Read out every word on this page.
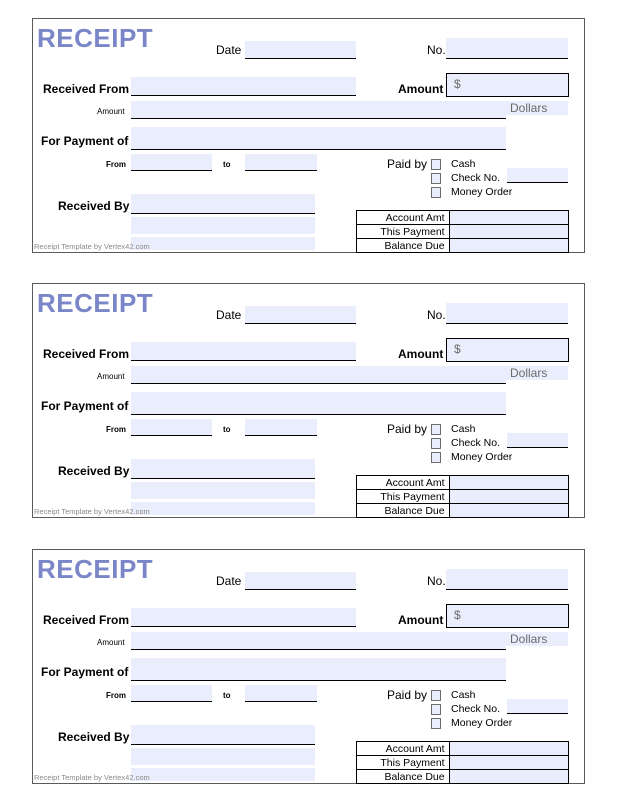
RECEIPT	Date	No.
Received From	Amount $
Amount	Dollars
For Payment of
From	to	Paid by Cash
Check No.
Money Order
Received By
Account Amt	
This Payment	
Balance Due	
Receipt Template by Vertex42.com
RECEIPT	Date	No.
Received From	Amount $
Amount	Dollars
For Payment of
From	to	Paid by Cash
Check No.
Money Order
Received By
Account Amt	
This Payment	
Balance Due	
Receipt Template by Vertex42.com
RECEIPT	Date	No.
Received From	Amount $
Amount	Dollars
For Payment of
From	to	Paid by Cash
Check No.
Money Order
Received By
Account Amt	
This Payment	
Balance Due	
Receipt Template by Vertex42.com
